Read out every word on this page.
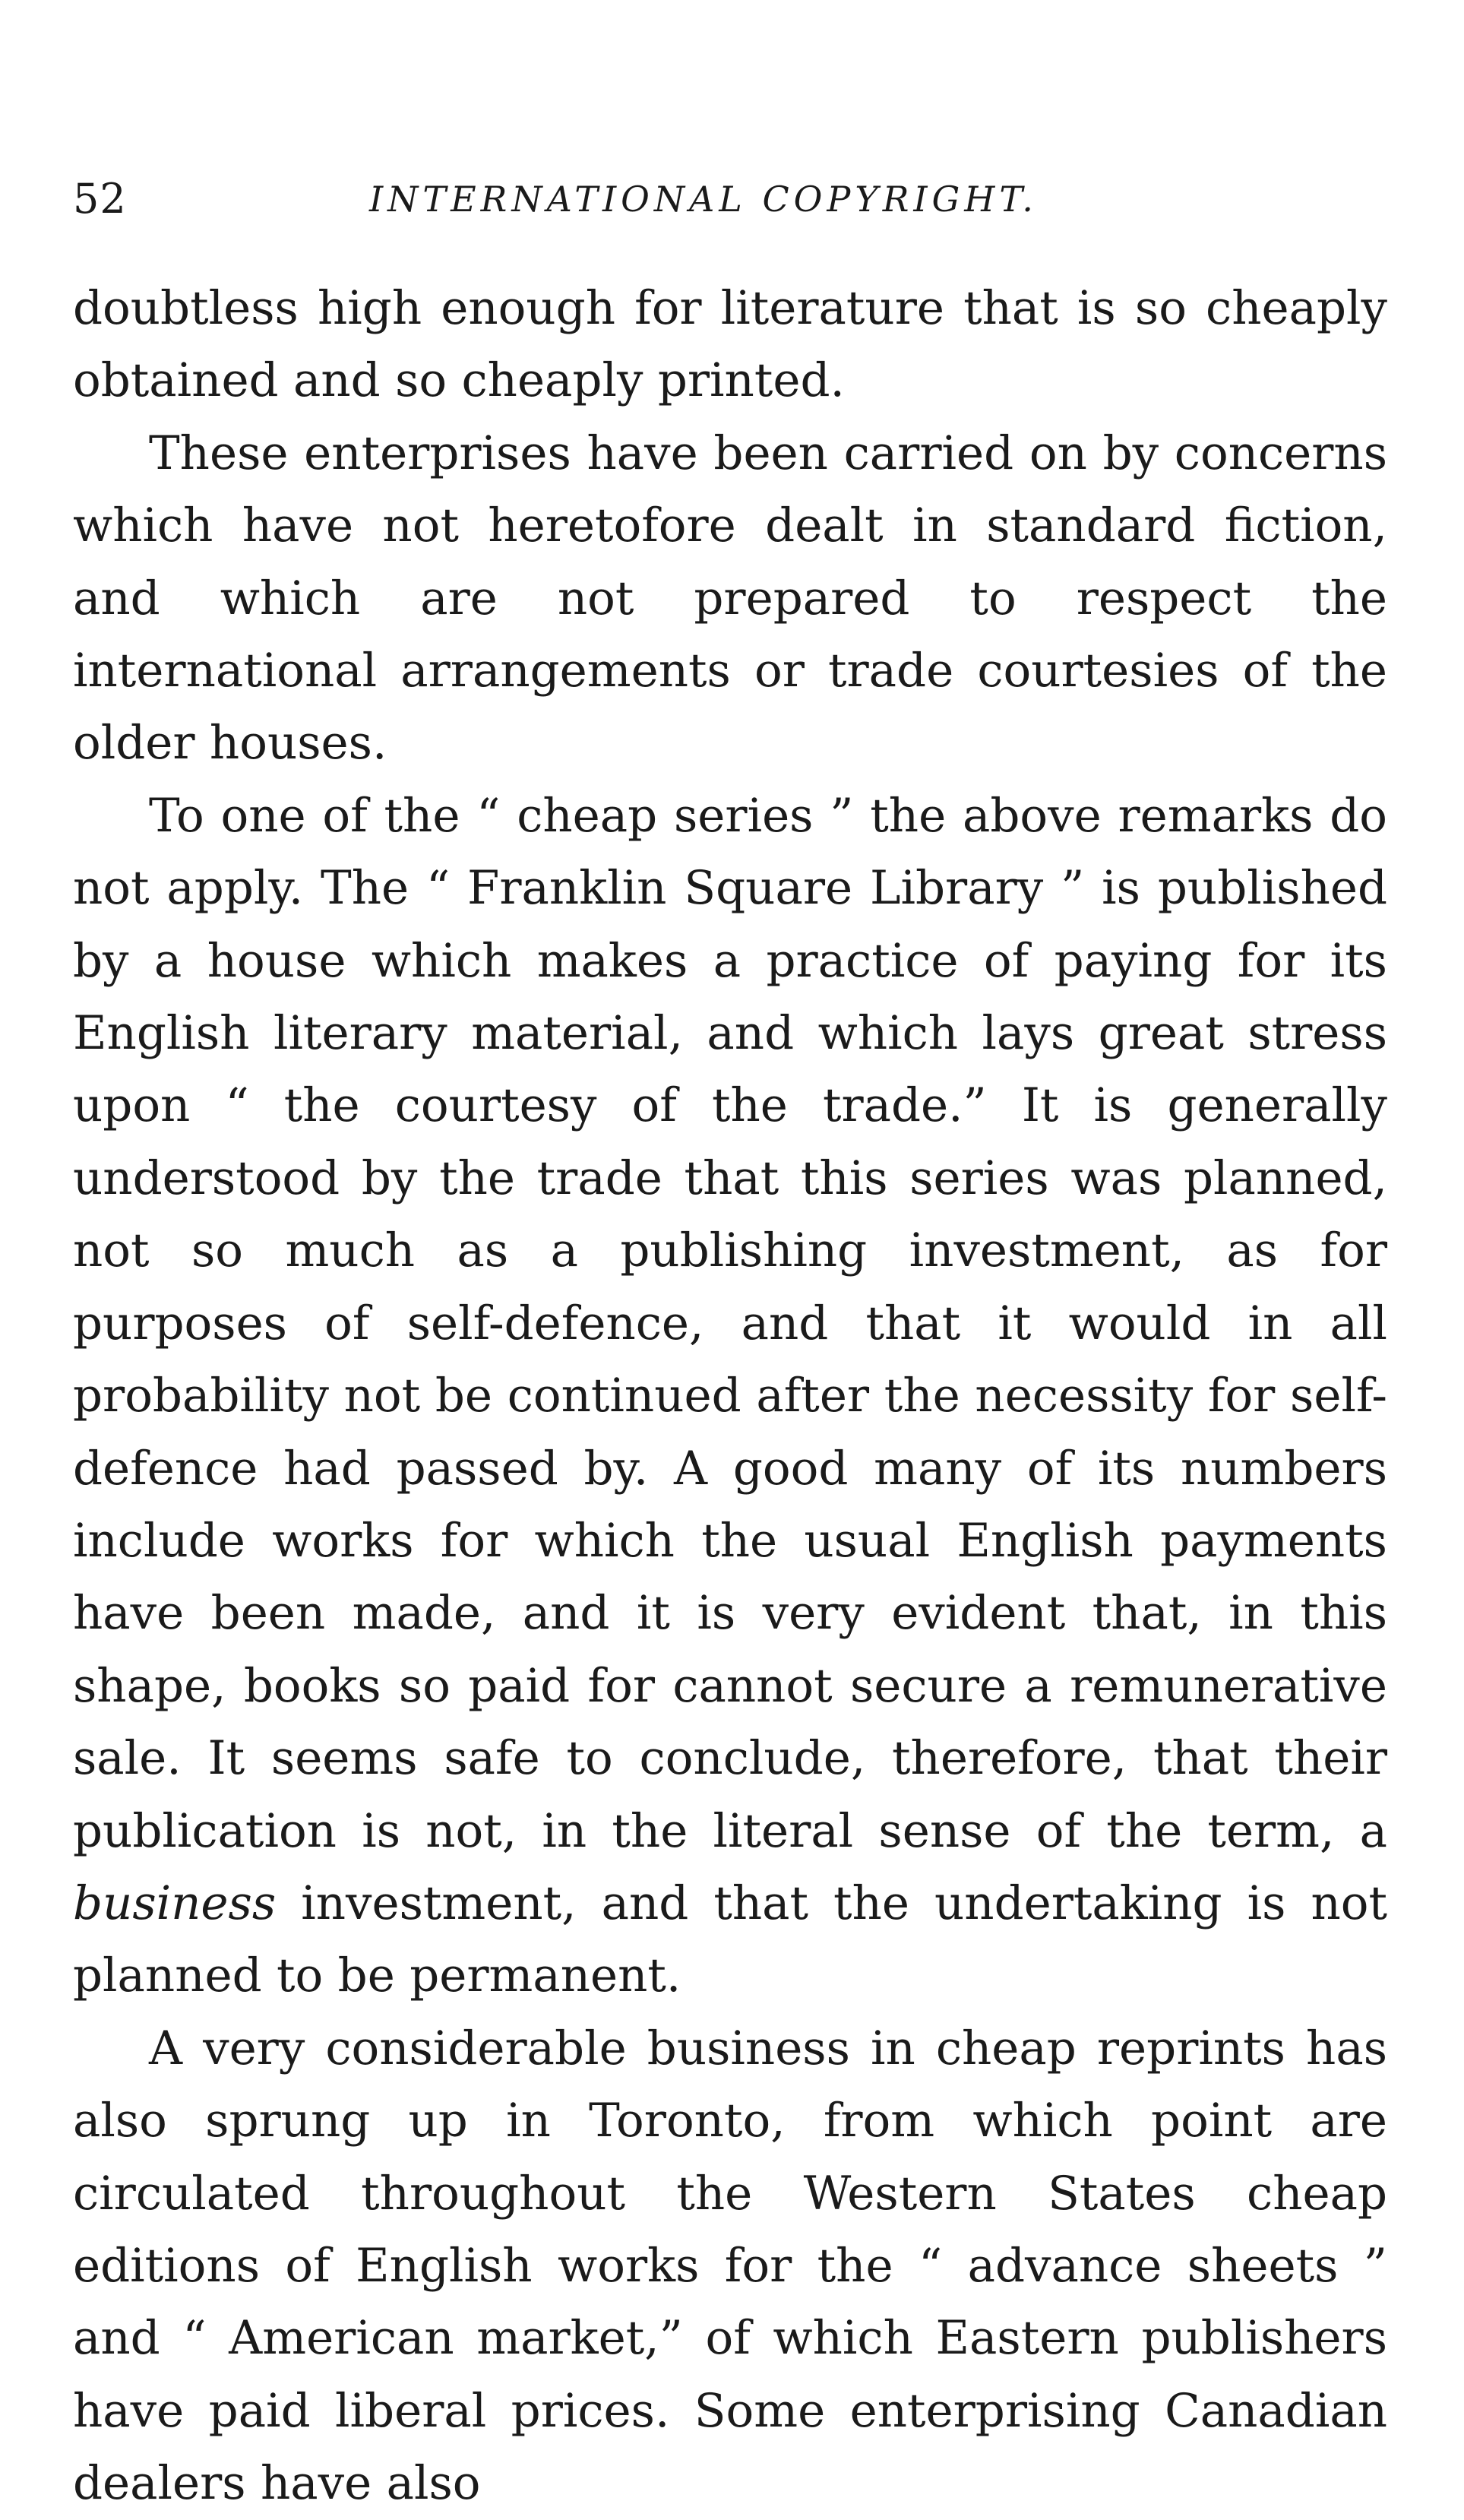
52	INTERNATIONAL COPYRIGHT.

doubtless high enough for literature that is so cheaply obtained and so cheaply printed.

These enterprises have been carried on by concerns which have not heretofore dealt in standard fiction, and which are not prepared to respect the international arrangements or trade courtesies of the older houses.

To one of the “ cheap series ” the above remarks do not apply. The “ Franklin Square Library ” is published by a house which makes a practice of paying for its English literary material, and which lays great stress upon “ the courtesy of the trade.” It is generally understood by the trade that this series was planned, not so much as a publishing investment, as for purposes of self-defence, and that it would in all probability not be continued after the necessity for self-defence had passed by. A good many of its numbers include works for which the usual English payments have been made, and it is very evident that, in this shape, books so paid for cannot secure a remunerative sale. It seems safe to conclude, therefore, that their publication is not, in the literal sense of the term, a business investment, and that the undertaking is not planned to be permanent.

A very considerable business in cheap reprints has also sprung up in Toronto, from which point are circulated throughout the Western States cheap editions of English works for the “ advance sheets ” and “ American market,” of which Eastern publishers have paid liberal prices. Some enterprising Canadian dealers have also
